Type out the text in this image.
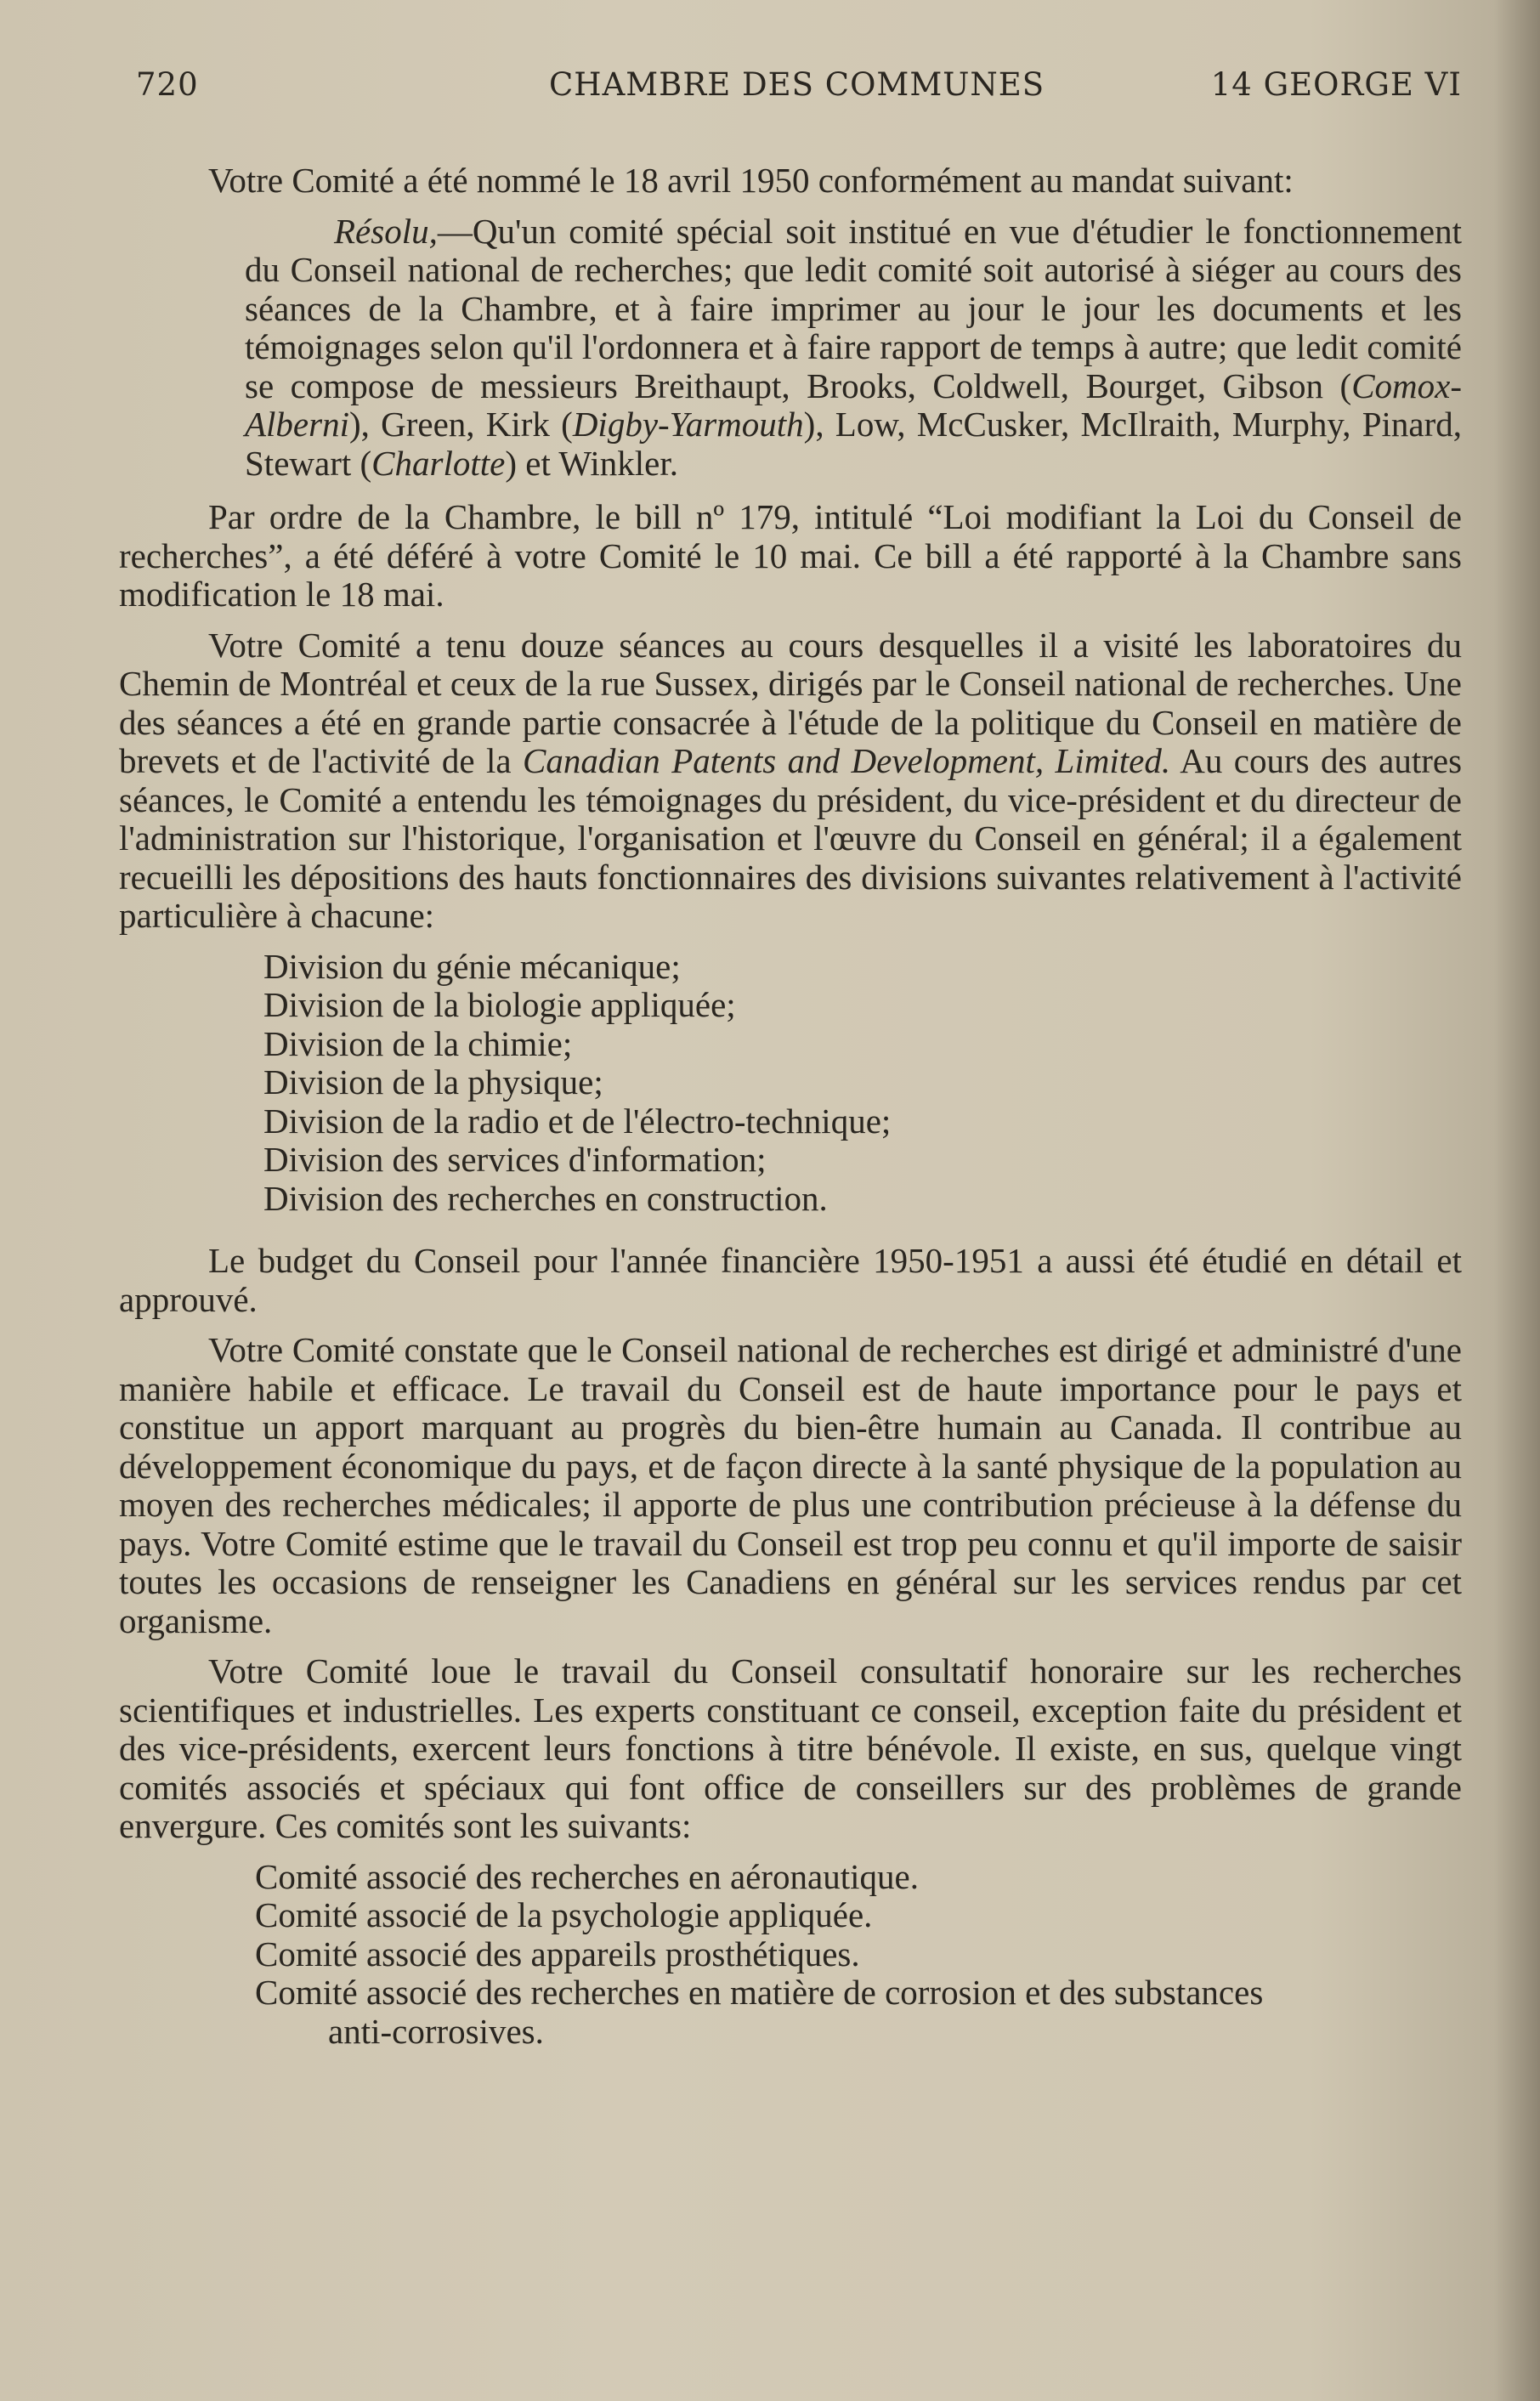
720	CHAMBRE DES COMMUNES	14 GEORGE VI

Votre Comité a été nommé le 18 avril 1950 conformément au mandat suivant:

Résolu,—Qu'un comité spécial soit institué en vue d'étudier le fonctionnement du Conseil national de recherches; que ledit comité soit autorisé à siéger au cours des séances de la Chambre, et à faire imprimer au jour le jour les documents et les témoignages selon qu'il l'ordonnera et à faire rapport de temps à autre; que ledit comité se compose de messieurs Breithaupt, Brooks, Coldwell, Bourget, Gibson (Comox-Alberni), Green, Kirk (Digby-Yarmouth), Low, McCusker, McIlraith, Murphy, Pinard, Stewart (Charlotte) et Winkler.

Par ordre de la Chambre, le bill nº 179, intitulé “Loi modifiant la Loi du Conseil de recherches”, a été déféré à votre Comité le 10 mai. Ce bill a été rapporté à la Chambre sans modification le 18 mai.

Votre Comité a tenu douze séances au cours desquelles il a visité les laboratoires du Chemin de Montréal et ceux de la rue Sussex, dirigés par le Conseil national de recherches. Une des séances a été en grande partie consacrée à l'étude de la politique du Conseil en matière de brevets et de l'activité de la Canadian Patents and Development, Limited. Au cours des autres séances, le Comité a entendu les témoignages du président, du vice-président et du directeur de l'administration sur l'historique, l'organisation et l'œuvre du Conseil en général; il a également recueilli les dépositions des hauts fonctionnaires des divisions suivantes relativement à l'activité particulière à chacune:

Division du génie mécanique;
Division de la biologie appliquée;
Division de la chimie;
Division de la physique;
Division de la radio et de l'électro-technique;
Division des services d'information;
Division des recherches en construction.

Le budget du Conseil pour l'année financière 1950-1951 a aussi été étudié en détail et approuvé.

Votre Comité constate que le Conseil national de recherches est dirigé et administré d'une manière habile et efficace. Le travail du Conseil est de haute importance pour le pays et constitue un apport marquant au progrès du bien-être humain au Canada. Il contribue au développement économique du pays, et de façon directe à la santé physique de la population au moyen des recherches médicales; il apporte de plus une contribution précieuse à la défense du pays. Votre Comité estime que le travail du Conseil est trop peu connu et qu'il importe de saisir toutes les occasions de renseigner les Canadiens en général sur les services rendus par cet organisme.

Votre Comité loue le travail du Conseil consultatif honoraire sur les recherches scientifiques et industrielles. Les experts constituant ce conseil, exception faite du président et des vice-présidents, exercent leurs fonctions à titre bénévole. Il existe, en sus, quelque vingt comités associés et spéciaux qui font office de conseillers sur des problèmes de grande envergure. Ces comités sont les suivants:

Comité associé des recherches en aéronautique.
Comité associé de la psychologie appliquée.
Comité associé des appareils prosthétiques.
Comité associé des recherches en matière de corrosion et des substances
anti-corrosives.
